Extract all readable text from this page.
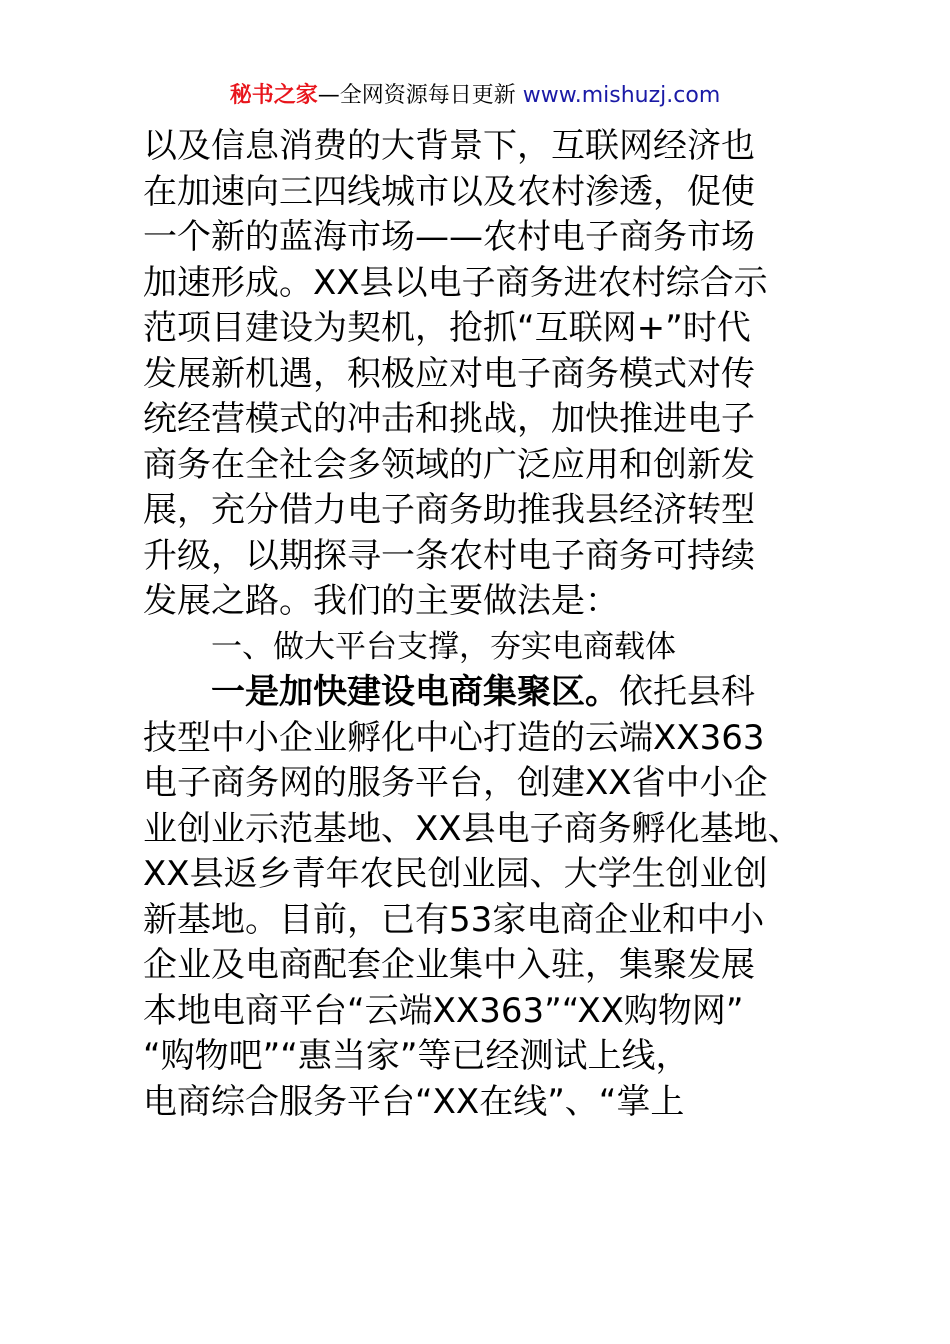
秘书之家—全网资源每日更新 www.mishuzj.com
以及信息消费的大背景下，互联网经济也
在加速向三四线城市以及农村渗透，促使
一个新的蓝海市场——农村电子商务市场
加速形成。XX县以电子商务进农村综合示
范项目建设为契机，抢抓“互联网+”时代
发展新机遇，积极应对电子商务模式对传
统经营模式的冲击和挑战，加快推进电子
商务在全社会多领域的广泛应用和创新发
展，充分借力电子商务助推我县经济转型
升级，以期探寻一条农村电子商务可持续
发展之路。我们的主要做法是：
一、做大平台支撑，夯实电商载体
一是加快建设电商集聚区。依托县科
技型中小企业孵化中心打造的云端XX363
电子商务网的服务平台，创建XX省中小企
业创业示范基地、XX县电子商务孵化基地、
XX县返乡青年农民创业园、大学生创业创
新基地。目前，已有53家电商企业和中小
企业及电商配套企业集中入驻，集聚发展
本地电商平台“云端XX363”“XX购物网”
“购物吧”“惠当家”等已经测试上线，
电商综合服务平台“XX在线”、“掌上
